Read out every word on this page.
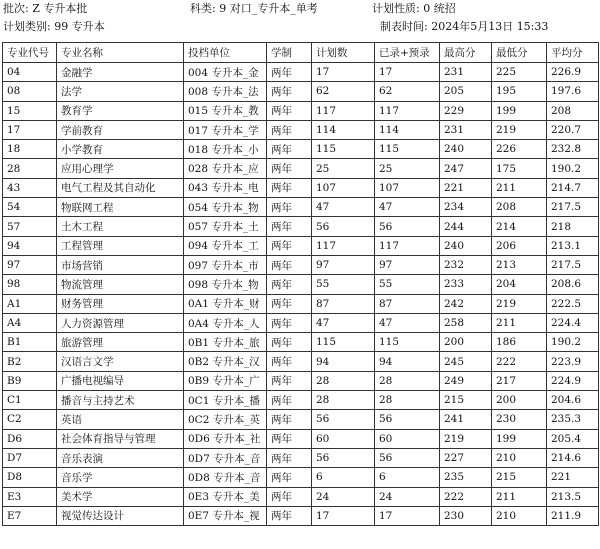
批次: Z 专升本批	科类: 9 对口_专升本_单考	计划性质: 0 统招
计划类别: 99 专升本	制表时间: 2024年5月13日 15:33
专业代号	专业名称	投档单位	学制	计划数	已录+预录	最高分	最低分	平均分
04	金融学	004 专升本_金	两年	17	17	231	225	226.9
08	法学	008 专升本_法	两年	62	62	205	195	197.6
15	教育学	015 专升本_教	两年	117	117	229	199	208
17	学前教育	017 专升本_学	两年	114	114	231	219	220.7
18	小学教育	018 专升本_小	两年	115	115	240	226	232.8
28	应用心理学	028 专升本_应	两年	25	25	247	175	190.2
43	电气工程及其自动化	043 专升本_电	两年	107	107	221	211	214.7
54	物联网工程	054 专升本_物	两年	47	47	234	208	217.5
57	土木工程	057 专升本_土	两年	56	56	244	214	218
94	工程管理	094 专升本_工	两年	117	117	240	206	213.1
97	市场营销	097 专升本_市	两年	97	97	232	213	217.5
98	物流管理	098 专升本_物	两年	55	55	233	204	208.6
A1	财务管理	0A1 专升本_财	两年	87	87	242	219	222.5
A4	人力资源管理	0A4 专升本_人	两年	47	47	258	211	224.4
B1	旅游管理	0B1 专升本_旅	两年	115	115	200	186	190.2
B2	汉语言文学	0B2 专升本_汉	两年	94	94	245	222	223.9
B9	广播电视编导	0B9 专升本_广	两年	28	28	249	217	224.9
C1	播音与主持艺术	0C1 专升本_播	两年	28	28	215	200	204.6
C2	英语	0C2 专升本_英	两年	56	56	241	230	235.3
D6	社会体育指导与管理	0D6 专升本_社	两年	60	60	219	199	205.4
D7	音乐表演	0D7 专升本_音	两年	56	56	227	210	214.6
D8	音乐学	0D8 专升本_音	两年	6	6	235	215	221
E3	美术学	0E3 专升本_美	两年	24	24	222	211	213.5
E7	视觉传达设计	0E7 专升本_视	两年	17	17	230	210	211.9
